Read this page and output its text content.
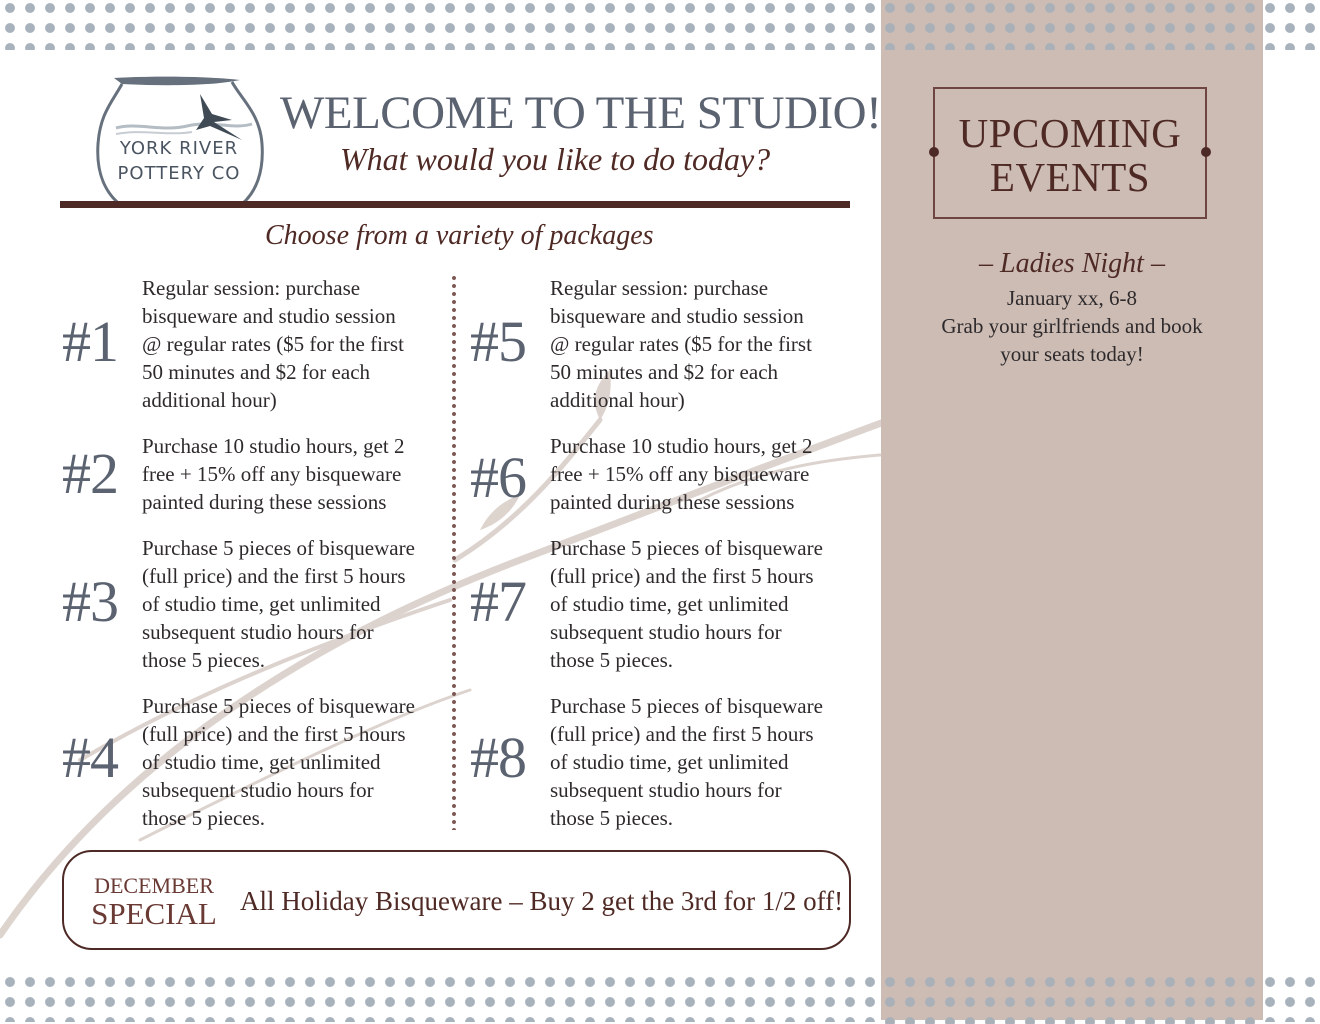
UPCOMING
EVENTS
– Ladies Night –
January xx, 6-8
Grab your girlfriends and book
your seats today!
YORK RIVER
POTTERY CO
WELCOME TO THE STUDIO!
What would you like to do today?
Choose from a variety of packages
#1
Regular session: purchase
bisqueware and studio session
@ regular rates ($5 for the first
50 minutes and $2 for each
additional hour)
#2 Purchase 10 studio hours, get 2
free + 15% off any bisqueware
painted during these sessions
#3
Purchase 5 pieces of bisqueware
(full price) and the first 5 hours
of studio time, get unlimited
subsequent studio hours for
those 5 pieces.
#4
Purchase 5 pieces of bisqueware
(full price) and the first 5 hours
of studio time, get unlimited
subsequent studio hours for
those 5 pieces.
#5
Regular session: purchase
bisqueware and studio session
@ regular rates ($5 for the first
50 minutes and $2 for each
additional hour)
#6 Purchase 10 studio hours, get 2
free + 15% off any bisqueware
painted during these sessions
#7
Purchase 5 pieces of bisqueware
(full price) and the first 5 hours
of studio time, get unlimited
subsequent studio hours for
those 5 pieces.
#8
Purchase 5 pieces of bisqueware
(full price) and the first 5 hours
of studio time, get unlimited
subsequent studio hours for
those 5 pieces.
DECEMBER
SPECIAL All Holiday Bisqueware – Buy 2 get the 3rd for 1/2 off!
